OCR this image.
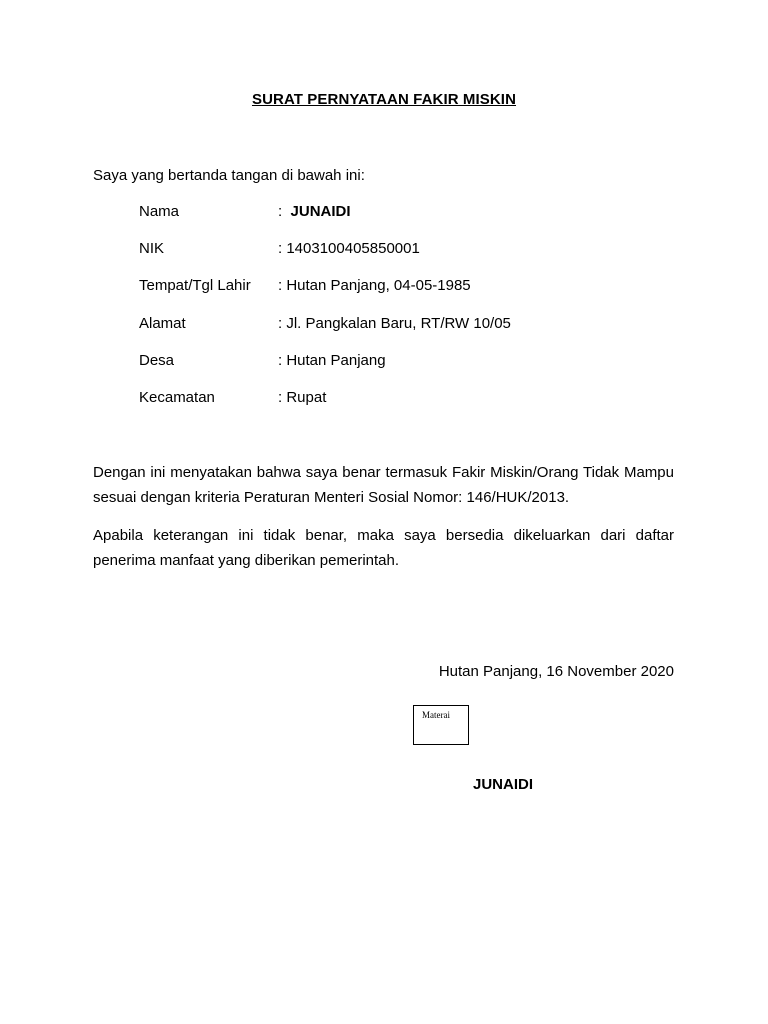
SURAT PERNYATAAN FAKIR MISKIN
Saya yang bertanda tangan di bawah ini:
Nama	:  JUNAIDI
NIK	: 1403100405850001
Tempat/Tgl Lahir : Hutan Panjang, 04-05-1985
Alamat	: Jl. Pangkalan Baru, RT/RW 10/05
Desa	: Hutan Panjang
Kecamatan	: Rupat
Dengan ini menyatakan bahwa saya benar termasuk Fakir Miskin/Orang Tidak Mampu sesuai dengan kriteria Peraturan Menteri Sosial Nomor: 146/HUK/2013.
Apabila keterangan ini tidak benar, maka saya bersedia dikeluarkan dari daftar penerima manfaat yang diberikan pemerintah.
Hutan Panjang, 16 November 2020
Materai
JUNAIDI
